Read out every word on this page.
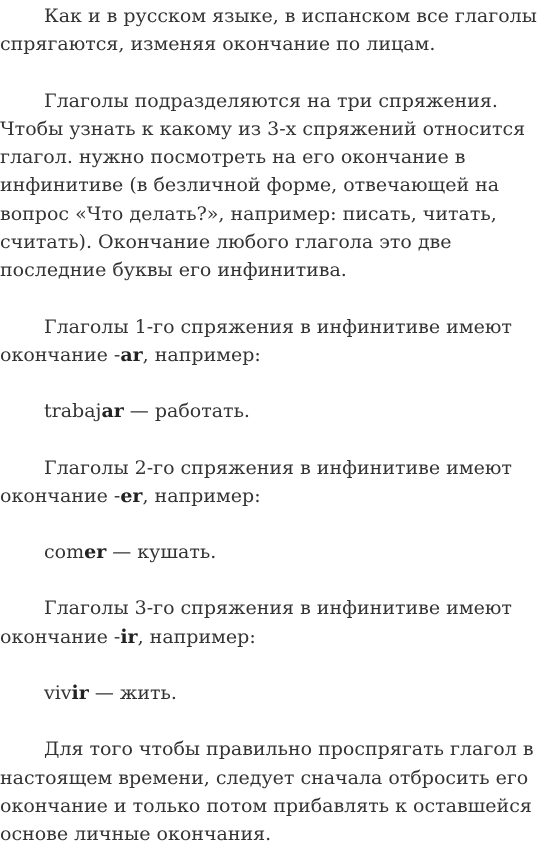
Как и в русском языке, в испанском все глаголы спрягаются, изменяя окончание по лицам.

Глаголы подразделяются на три спряжения. Чтобы узнать к какому из 3-х спряжений относится глагол. нужно посмотреть на его окончание в инфинитиве (в безличной форме, отвечающей на вопрос «Что делать?», например: писать, читать, считать). Окончание любого глагола это две последние буквы его инфинитива.

Глаголы 1-го спряжения в инфинитиве имеют окончание -ar, например:

trabajar — работать.

Глаголы 2-го спряжения в инфинитиве имеют окончание -er, например:

comer — кушать.

Глаголы 3-го спряжения в инфинитиве имеют окончание -ir, например:

vivir — жить.

Для того чтобы правильно проспрягать глагол в настоящем времени, следует сначала отбросить его окончание и только потом прибавлять к оставшейся основе личные окончания.
